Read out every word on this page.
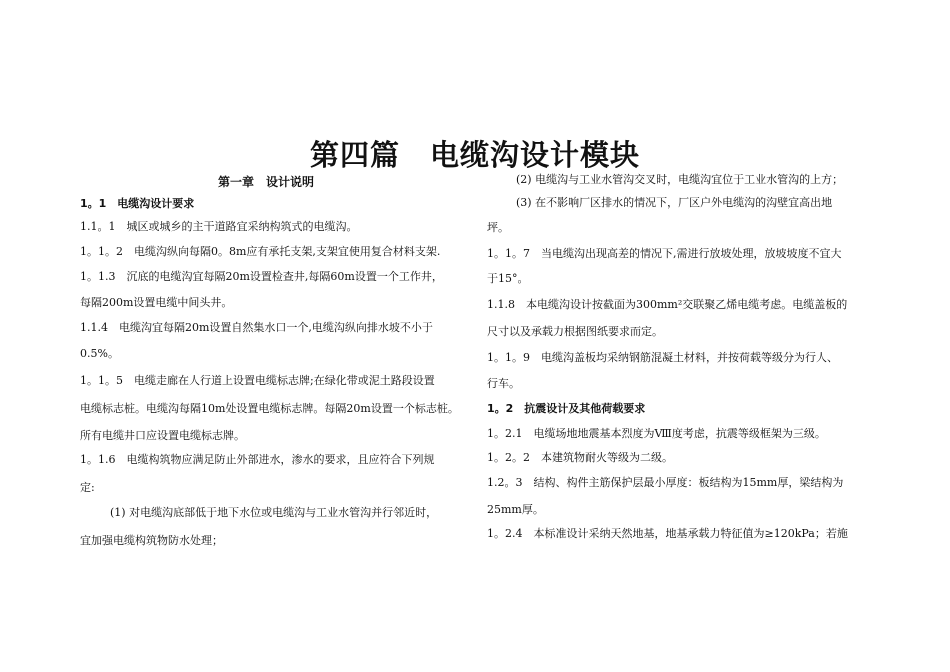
第四篇　电缆沟设计模块
第一章　设计说明
1。1　电缆沟设计要求
1.1。1　城区或城乡的主干道路宜采纳构筑式的电缆沟。
1。1。2　电缆沟纵向每隔0。8m应有承托支架,支架宜使用复合材料支架.
1。1.3　沉底的电缆沟宜每隔20m设置检查井,每隔60m设置一个工作井，
每隔200m设置电缆中间头井。
1.1.4　电缆沟宜每隔20m设置自然集水口一个,电缆沟纵向排水坡不小于
0.5%。
1。1。5　电缆走廊在人行道上设置电缆标志牌;在绿化带或泥土路段设置
电缆标志桩。电缆沟每隔10m处设置电缆标志牌。每隔20m设置一个标志桩。
所有电缆井口应设置电缆标志牌。
1。1.6　电缆构筑物应满足防止外部进水，渗水的要求，且应符合下列规
定:
(1) 对电缆沟底部低于地下水位或电缆沟与工业水管沟并行邻近时，
宜加强电缆构筑物防水处理；
(2) 电缆沟与工业水管沟交叉时，电缆沟宜位于工业水管沟的上方；
(3) 在不影响厂区排水的情况下，厂区户外电缆沟的沟壁宜高出地
坪。
1。1。7　当电缆沟出现高差的情况下,需进行放坡处理，放坡坡度不宜大
于15°。
1.1.8　本电缆沟设计按截面为300mm²交联聚乙烯电缆考虑。电缆盖板的
尺寸以及承载力根据图纸要求而定。
1。1。9　电缆沟盖板均采纳钢筋混凝土材料，并按荷载等级分为行人、
行车。
1。2　抗震设计及其他荷载要求
1。2.1　电缆场地地震基本烈度为Ⅷ度考虑，抗震等级框架为三级。
1。2。2　本建筑物耐火等级为二级。
1.2。3　结构、构件主筋保护层最小厚度：板结构为15mm厚，梁结构为
25mm厚。
1。2.4　本标准设计采纳天然地基，地基承载力特征值为≥120kPa；若施
